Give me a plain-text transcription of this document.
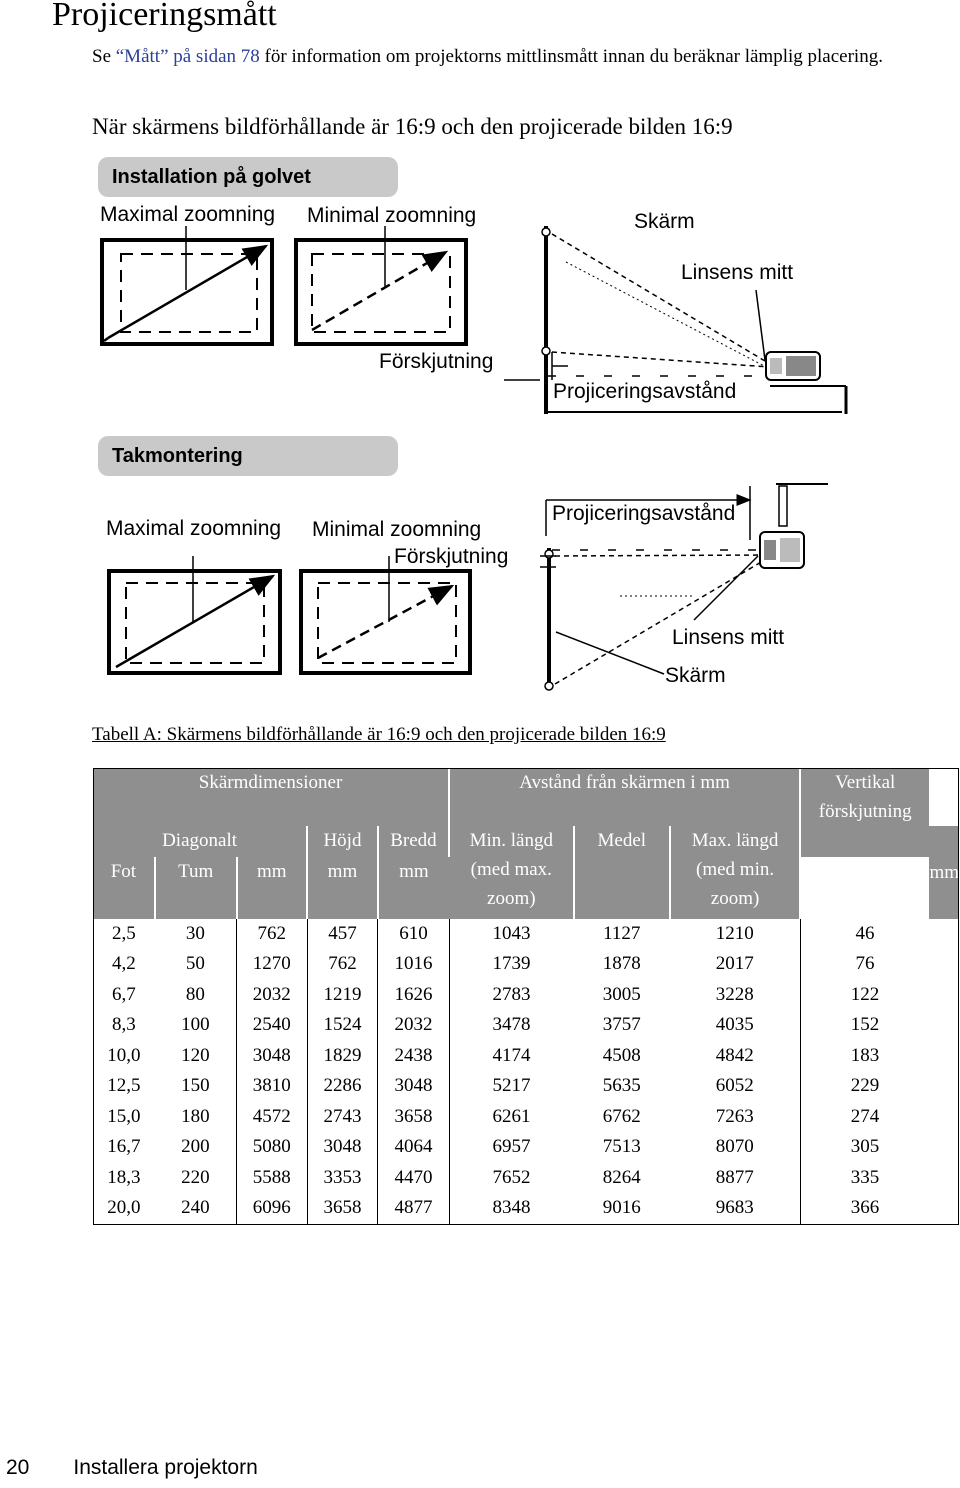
Projiceringsmått
Se “Mått” på sidan 78 för information om projektorns mittlinsmått innan du beräknar lämplig placering.
När skärmens bildförhållande är 16:9 och den projicerade bilden 16:9
Installation på golvet
Maximal zoomning Minimal zoomning	Skärm
Linsens mitt
Förskjutning
Projiceringsavstånd
Takmontering
Maximal zoomning Minimal zoomning
Förskjutning
Projiceringsavstånd
Linsens mitt
Skärm
Tabell A: Skärmens bildförhållande är 16:9 och den projicerade bilden 16:9
Skärmdimensioner					Avstånd från skärmen i mm			Vertikal förskjutning	
Diagonalt			Höjd	Bredd	Min. längd (med max. zoom)	Medel	Max. längd (med min. zoom)		mm
Fot	Tum	mm	mm	mm					
2,5	30	762	457	610	1043	1127	1210	46	
4,2	50	1270	762	1016	1739	1878	2017	76	
6,7	80	2032	1219	1626	2783	3005	3228	122	
8,3	100	2540	1524	2032	3478	3757	4035	152	
10,0	120	3048	1829	2438	4174	4508	4842	183	
12,5	150	3810	2286	3048	5217	5635	6052	229	
15,0	180	4572	2743	3658	6261	6762	7263	274	
16,7	200	5080	3048	4064	6957	7513	8070	305	
18,3	220	5588	3353	4470	7652	8264	8877	335	
20,0	240	6096	3658	4877	8348	9016	9683	366	
20 Installera projektorn
